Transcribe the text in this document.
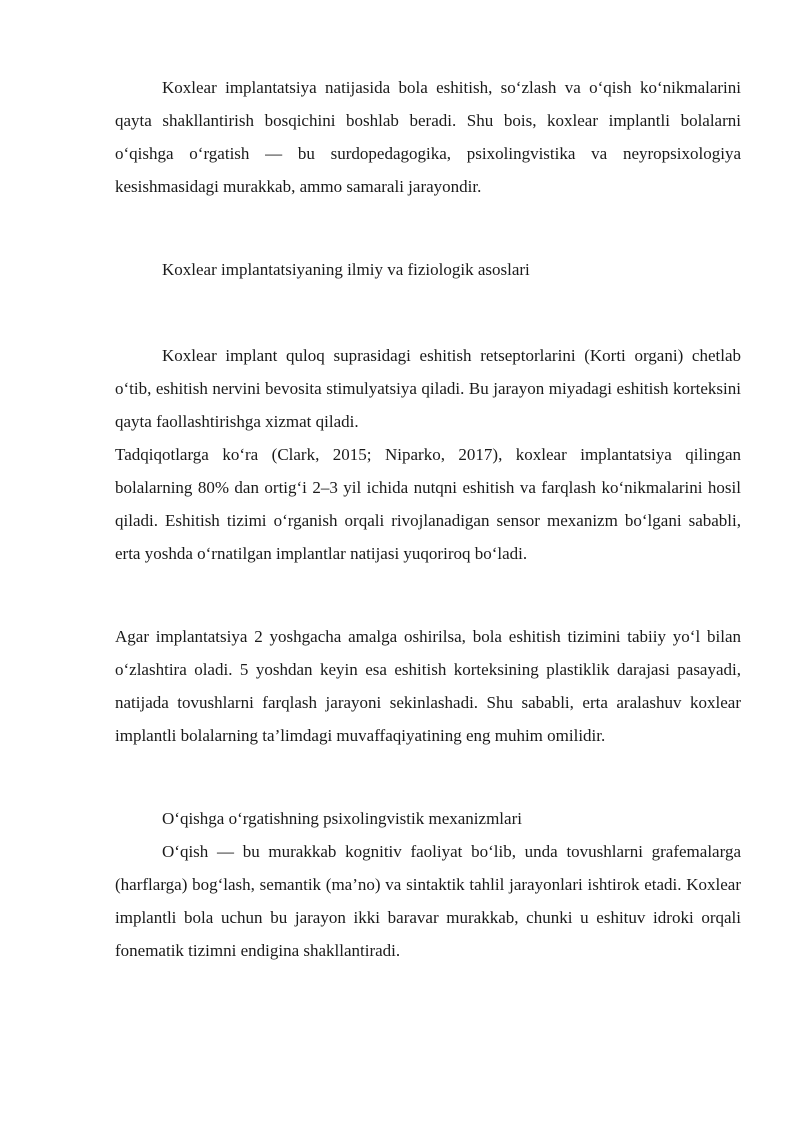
Koxlear implantatsiya natijasida bola eshitish, so‘zlash va o‘qish ko‘nikmalarini qayta shakllantirish bosqichini boshlab beradi. Shu bois, koxlear implantli bolalarni o‘qishga o‘rgatish — bu surdopedagogika, psixolingvistika va neyropsixologiya kesishmasidagi murakkab, ammo samarali jarayondir.

Koxlear implantatsiyaning ilmiy va fiziologik asoslari

Koxlear implant quloq suprasidagi eshitish retseptorlarini (Korti organi) chetlab o‘tib, eshitish nervini bevosita stimulyatsiya qiladi. Bu jarayon miyadagi eshitish korteksini qayta faollashtirishga xizmat qiladi.

Tadqiqotlarga ko‘ra (Clark, 2015; Niparko, 2017), koxlear implantatsiya qilingan bolalarning 80% dan ortig‘i 2–3 yil ichida nutqni eshitish va farqlash ko‘nikmalarini hosil qiladi. Eshitish tizimi o‘rganish orqali rivojlanadigan sensor mexanizm bo‘lgani sababli, erta yoshda o‘rnatilgan implantlar natijasi yuqoriroq bo‘ladi.

Agar implantatsiya 2 yoshgacha amalga oshirilsa, bola eshitish tizimini tabiiy yo‘l bilan o‘zlashtira oladi. 5 yoshdan keyin esa eshitish korteksining plastiklik darajasi pasayadi, natijada tovushlarni farqlash jarayoni sekinlashadi. Shu sababli, erta aralashuv koxlear implantli bolalarning ta’limdagi muvaffaqiyatining eng muhim omilidir.

O‘qishga o‘rgatishning psixolingvistik mexanizmlari

O‘qish — bu murakkab kognitiv faoliyat bo‘lib, unda tovushlarni grafemalarga (harflarga) bog‘lash, semantik (ma’no) va sintaktik tahlil jarayonlari ishtirok etadi. Koxlear implantli bola uchun bu jarayon ikki baravar murakkab, chunki u eshituv idroki orqali fonematik tizimni endigina shakllantiradi.
